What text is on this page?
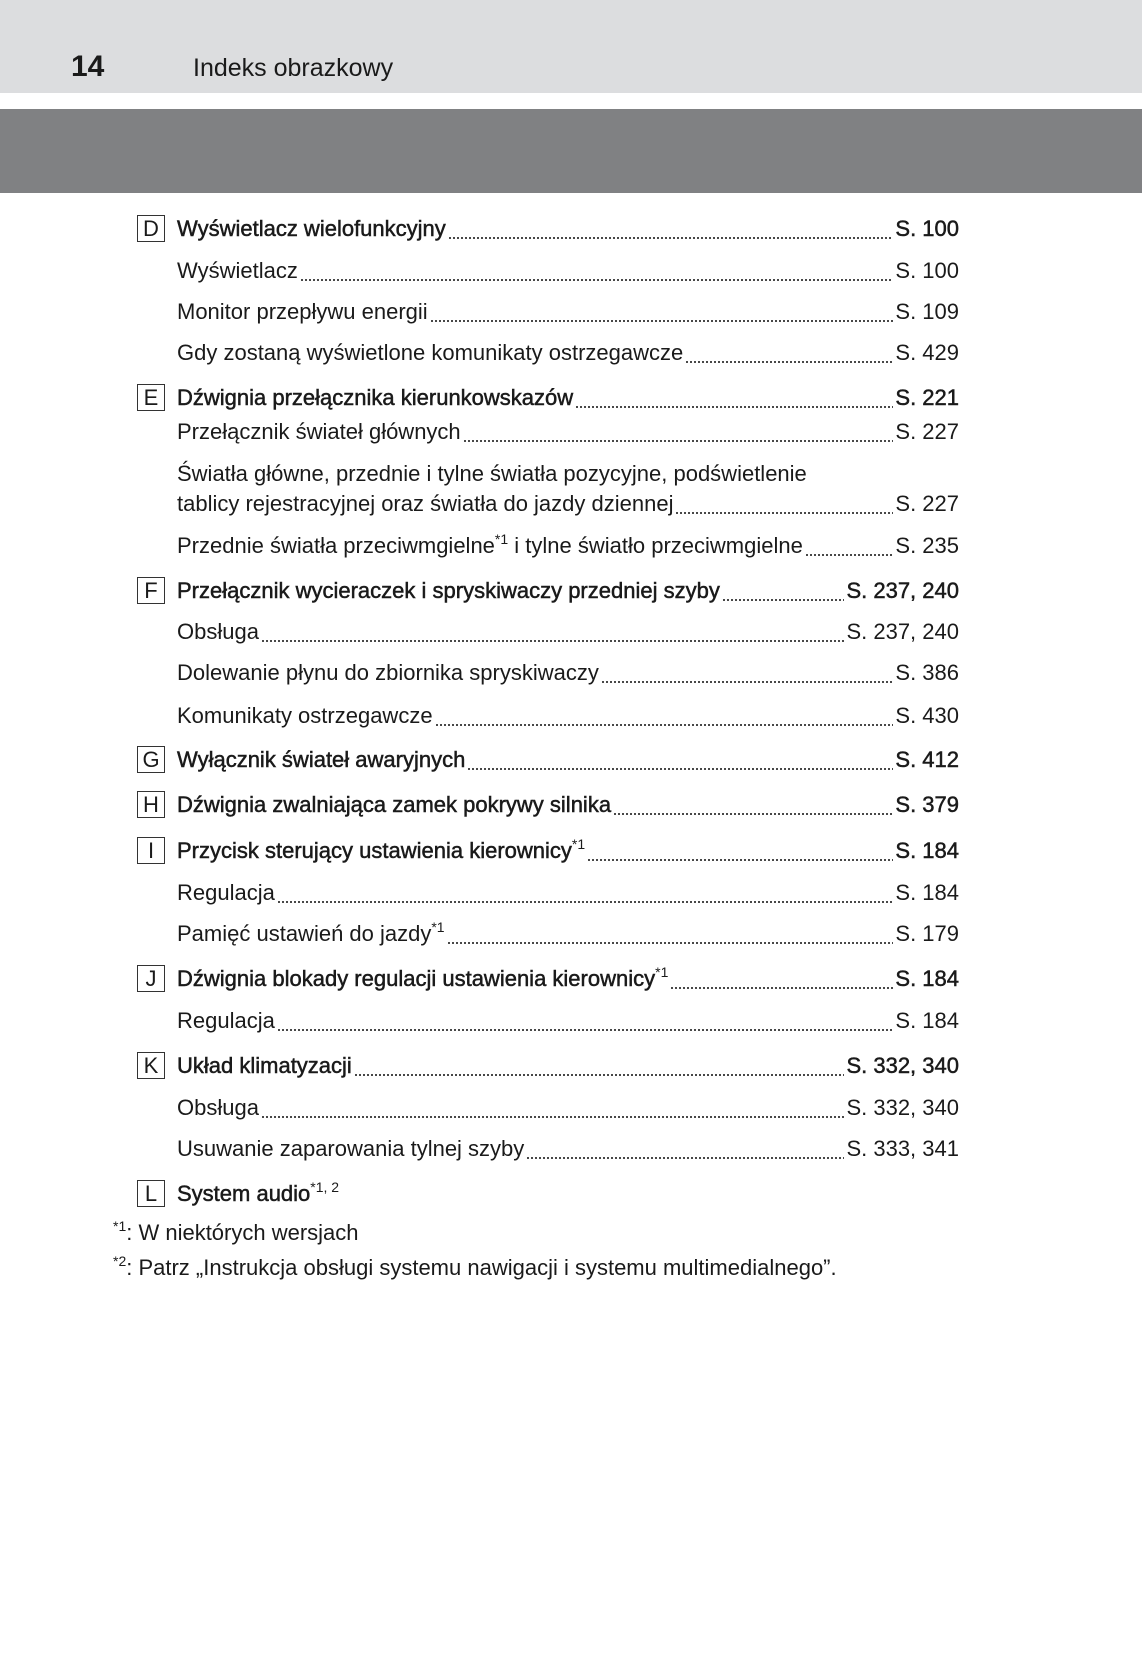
14	Indeks obrazkowy
D Wyświetlacz wielofunkcyjny	S. 100
Wyświetlacz	S. 100
Monitor przepływu energii	S. 109
Gdy zostaną wyświetlone komunikaty ostrzegawcze	S. 429
E Dźwignia przełącznika kierunkowskazów	S. 221
Przełącznik świateł głównych	S. 227
Światła główne, przednie i tylne światła pozycyjne, podświetlenie
tablicy rejestracyjnej oraz światła do jazdy dziennej	S. 227
Przednie światła przeciwmgielne$^{*1}$ i tylne światło przeciwmgielne	S. 235
F Przełącznik wycieraczek i spryskiwaczy przedniej szyby	S. 237, 240
Obsługa	S. 237, 240
Dolewanie płynu do zbiornika spryskiwaczy	S. 386
Komunikaty ostrzegawcze	S. 430
G Wyłącznik świateł awaryjnych	S. 412
H Dźwignia zwalniająca zamek pokrywy silnika	S. 379
I	Przycisk sterujący ustawienia kierownicy$^{*1}$	S. 184
Regulacja	S. 184
Pamięć ustawień do jazdy$^{*1}$	S. 179
J Dźwignia blokady regulacji ustawienia kierownicy$^{*1}$	S. 184
Regulacja	S. 184
K Układ klimatyzacji	S. 332, 340
Obsługa	S. 332, 340
Usuwanie zaparowania tylnej szyby	S. 333, 341
L System audio$^{*1, 2}$
$^{*1}$: W niektórych wersjach
$^{*2}$: Patrz „Instrukcja obsługi systemu nawigacji i systemu multimedialnego”.
